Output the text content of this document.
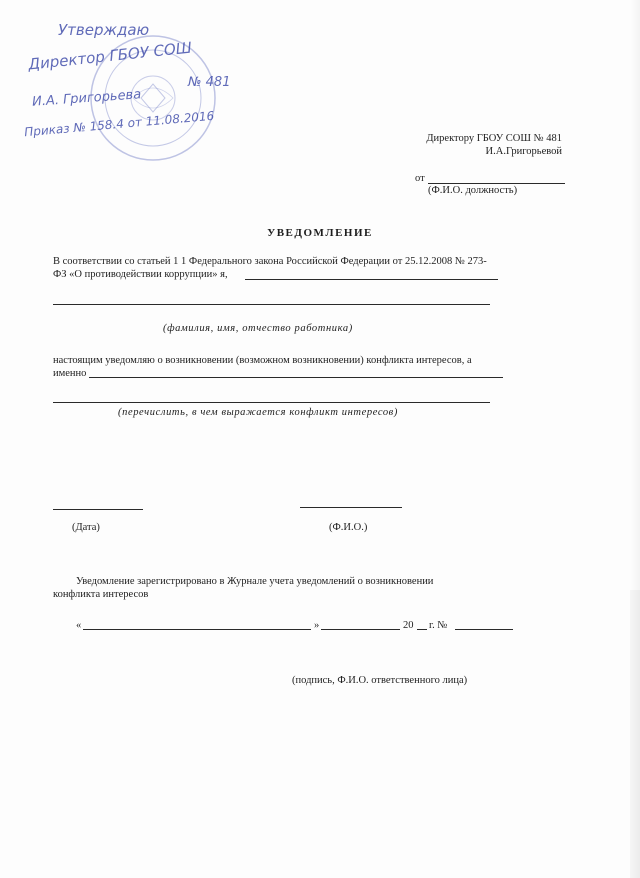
Утверждаю
Директор ГБОУ СОШ
№ 481
И.А. Григорьева
Приказ № 158.4 от 11.08.2016	Директору ГБОУ СОШ № 481
И.А.Григорьевой
от
(Ф.И.О. должность)
УВЕДОМЛЕНИЕ
В соответствии со статьей 1 1 Федерального закона Российской Федерации от 25.12.2008 № 273-
ФЗ «О противодействии коррупции» я,
(фамилия, имя, отчество работника)
настоящим уведомляю о возникновении (возможном возникновении) конфликта интересов, а
именно
(перечислить, в чем выражается конфликт интересов)
(Дата)	(Ф.И.О.)
Уведомление зарегистрировано в Журнале учета уведомлений о возникновении
конфликта интересов
«	»	20 г. №
(подпись, Ф.И.О. ответственного лица)
